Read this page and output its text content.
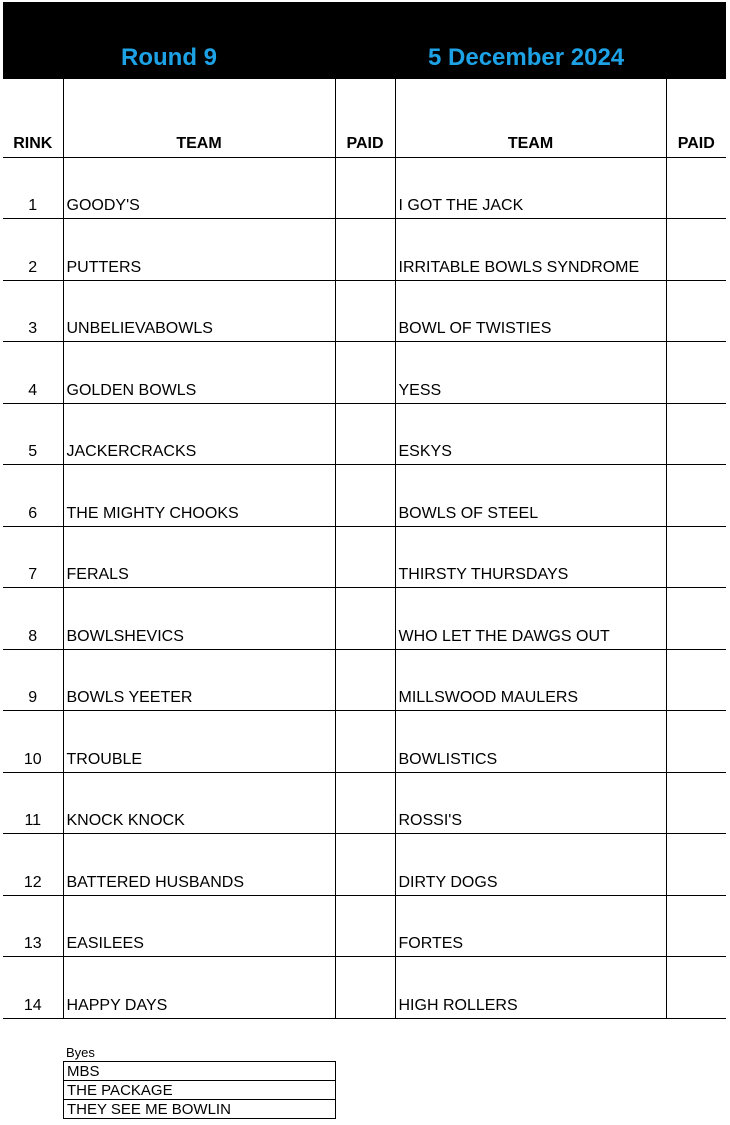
Round 9	5 December 2024
RINK	TEAM	PAID	TEAM	PAID
1	GOODY'S		I GOT THE JACK	
2	PUTTERS		IRRITABLE BOWLS SYNDROME	
3	UNBELIEVABOWLS		BOWL OF TWISTIES	
4	GOLDEN BOWLS		YESS	
5	JACKERCRACKS		ESKYS	
6	THE MIGHTY CHOOKS		BOWLS OF STEEL	
7	FERALS		THIRSTY THURSDAYS	
8	BOWLSHEVICS		WHO LET THE DAWGS OUT	
9	BOWLS YEETER		MILLSWOOD MAULERS	
10	TROUBLE		BOWLISTICS	
11	KNOCK KNOCK		ROSSI'S	
12	BATTERED HUSBANDS		DIRTY DOGS	
13	EASILEES		FORTES	
14	HAPPY DAYS		HIGH ROLLERS	
Byes
MBS
THE PACKAGE
THEY SEE ME BOWLIN
